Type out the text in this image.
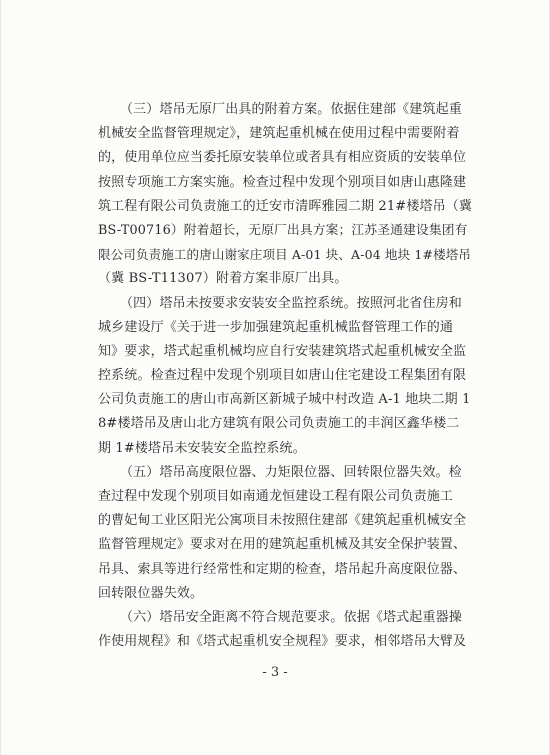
（三）塔吊无原厂出具的附着方案。依据住建部《建筑起重
机械安全监督管理规定》，建筑起重机械在使用过程中需要附着
的，使用单位应当委托原安装单位或者具有相应资质的安装单位
按照专项施工方案实施。检查过程中发现个别项目如唐山惠隆建
筑工程有限公司负责施工的迁安市清晖雅园二期 21#楼塔吊（冀
BS-T00716）附着超长，无原厂出具方案；江苏圣通建设集团有
限公司负责施工的唐山谢家庄项目 A-01 块、A-04 地块 1#楼塔吊
（冀 BS-T11307）附着方案非原厂出具。
（四）塔吊未按要求安装安全监控系统。按照河北省住房和
城乡建设厅《关于进一步加强建筑起重机械监督管理工作的通
知》要求，塔式起重机械均应自行安装建筑塔式起重机械安全监
控系统。检查过程中发现个别项目如唐山住宅建设工程集团有限
公司负责施工的唐山市高新区新城子城中村改造 A-1 地块二期 1
8#楼塔吊及唐山北方建筑有限公司负责施工的丰润区鑫华楼二
期 1#楼塔吊未安装安全监控系统。
（五）塔吊高度限位器、力矩限位器、回转限位器失效。检
查过程中发现个别项目如南通龙恒建设工程有限公司负责施工
的曹妃甸工业区阳光公寓项目未按照住建部《建筑起重机械安全
监督管理规定》要求对在用的建筑起重机械及其安全保护装置、
吊具、索具等进行经常性和定期的检查，塔吊起升高度限位器、
回转限位器失效。
（六）塔吊安全距离不符合规范要求。依据《塔式起重器操
作使用规程》和《塔式起重机安全规程》要求，相邻塔吊大臂及
- 3 -
